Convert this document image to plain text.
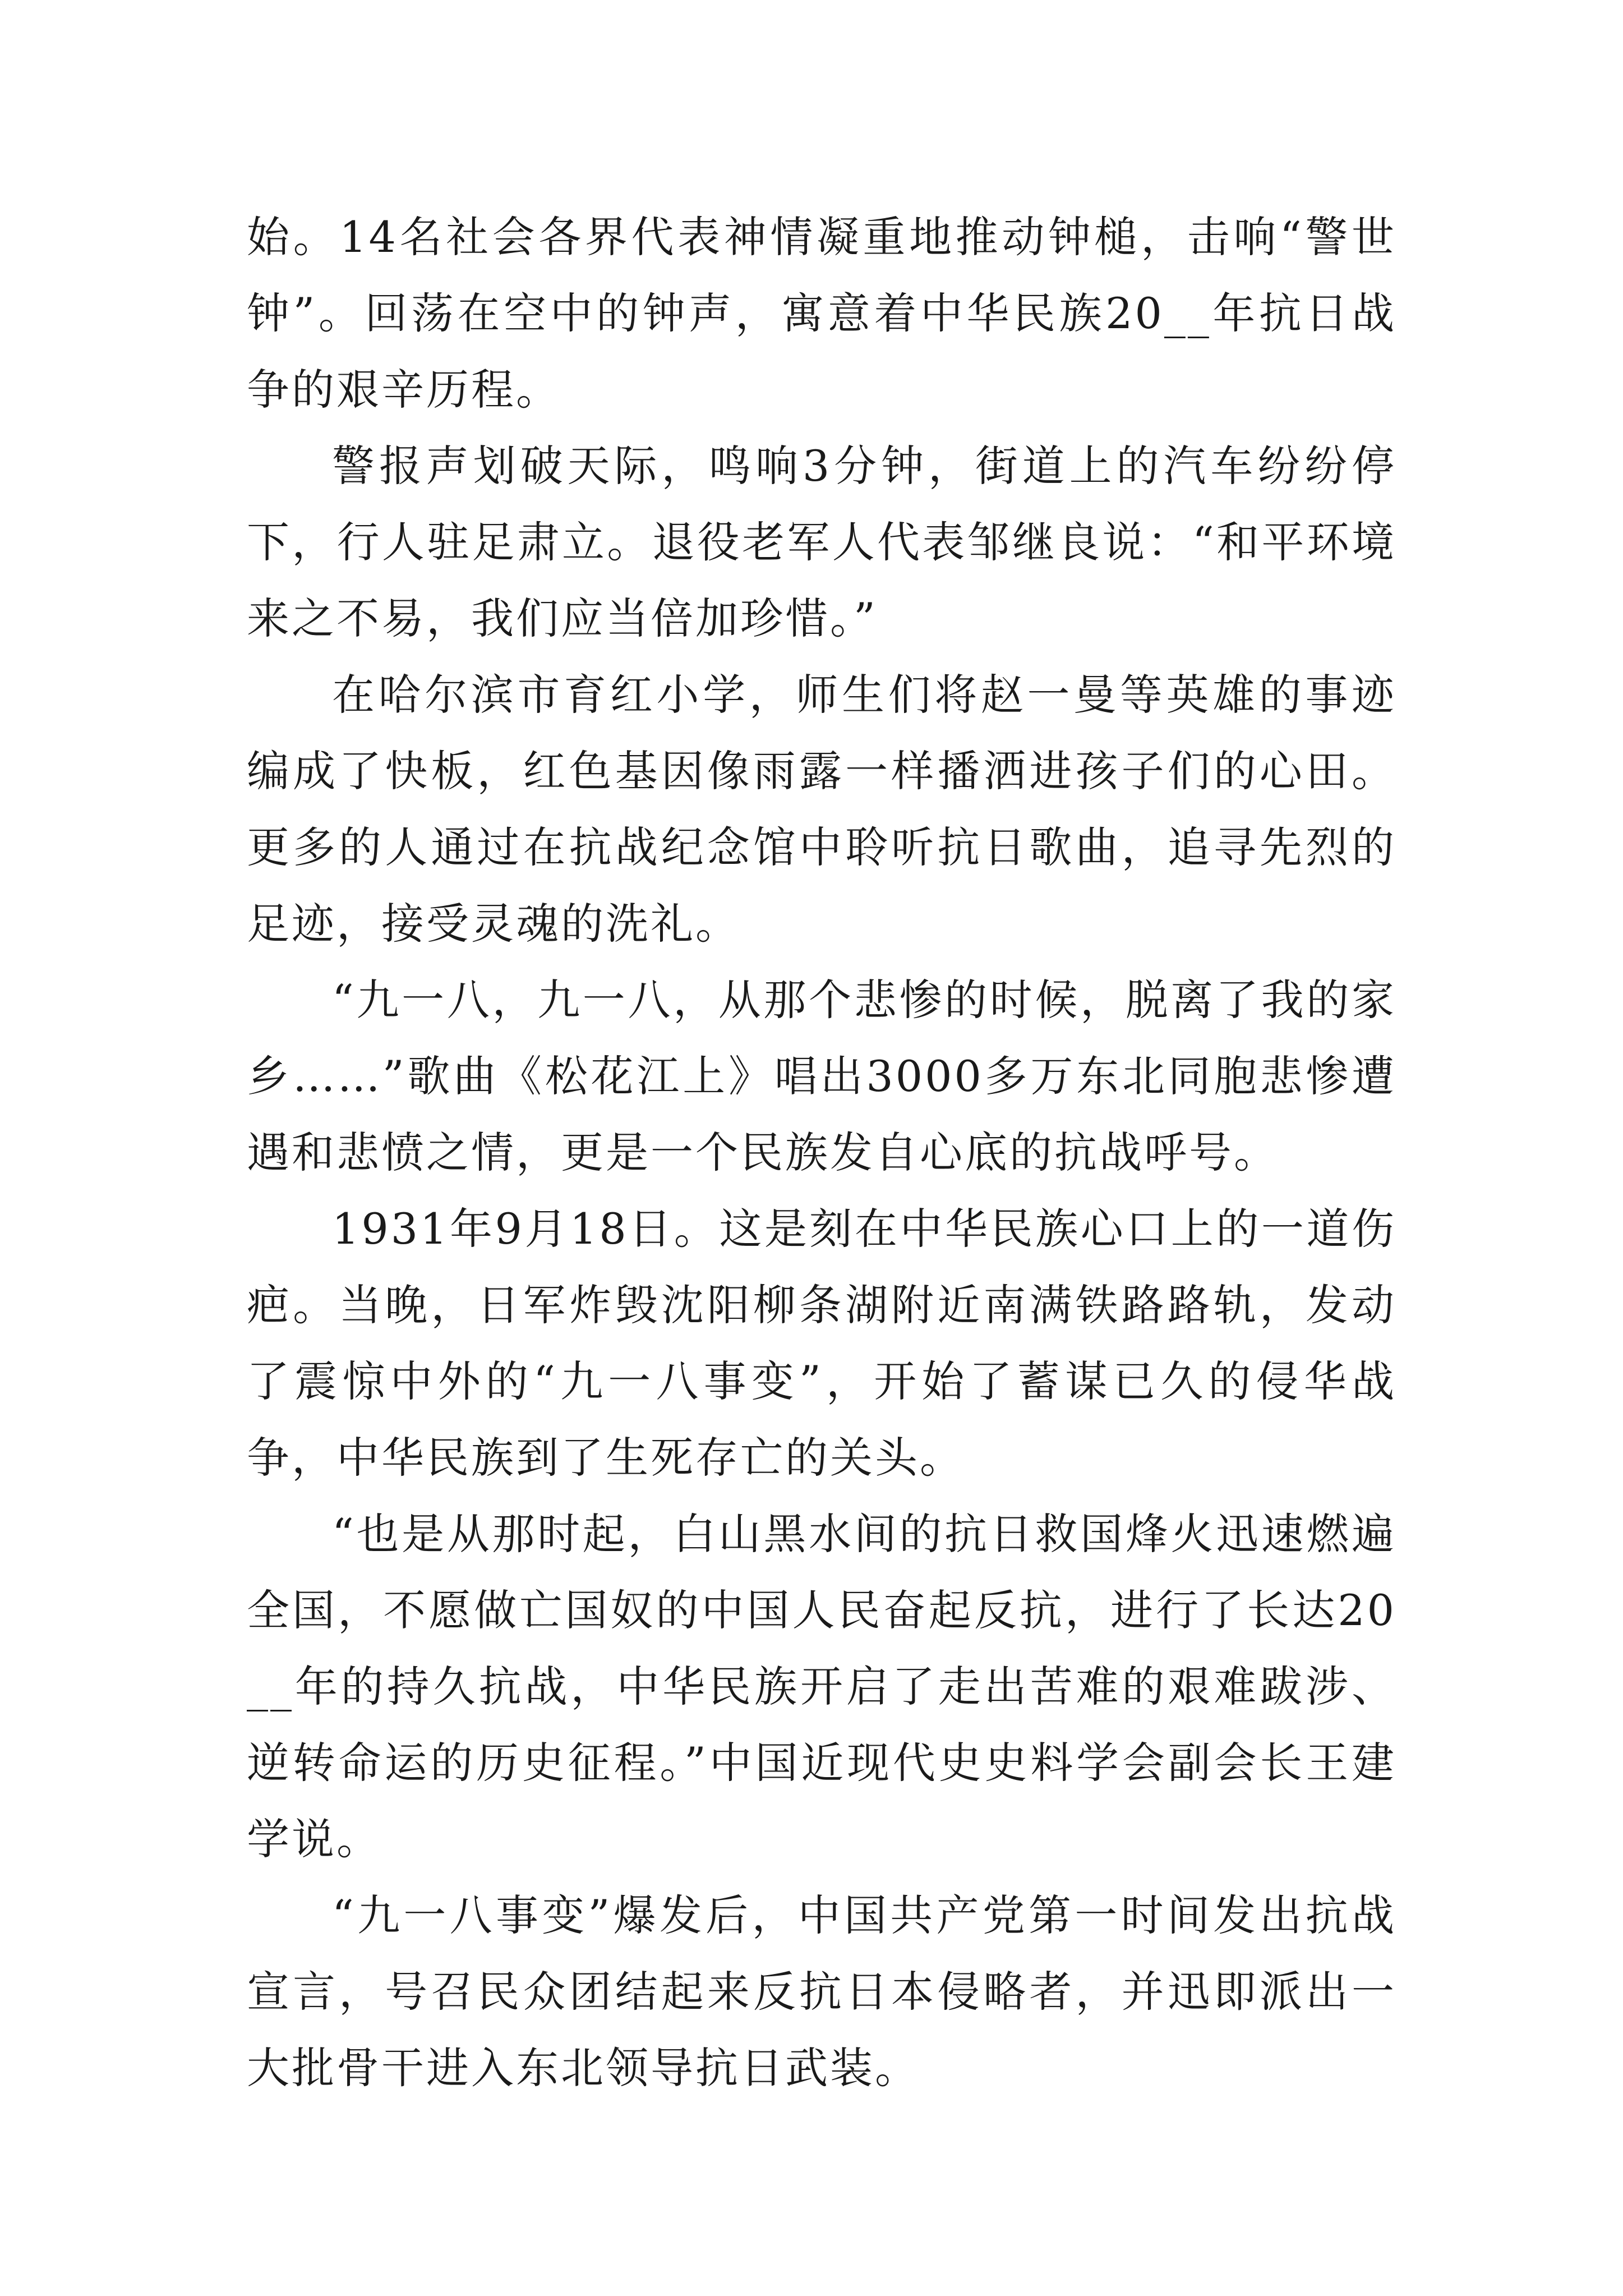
始。14名社会各界代表神情凝重地推动钟槌，击响“警世钟”。回荡在空中的钟声，寓意着中华民族20__年抗日战争的艰辛历程。

警报声划破天际，鸣响3分钟，街道上的汽车纷纷停下，行人驻足肃立。退役老军人代表邹继良说：“和平环境来之不易，我们应当倍加珍惜。”

在哈尔滨市育红小学，师生们将赵一曼等英雄的事迹编成了快板，红色基因像雨露一样播洒进孩子们的心田。更多的人通过在抗战纪念馆中聆听抗日歌曲，追寻先烈的足迹，接受灵魂的洗礼。

“九一八，九一八，从那个悲惨的时候，脱离了我的家乡……”歌曲《松花江上》唱出3000多万东北同胞悲惨遭遇和悲愤之情，更是一个民族发自心底的抗战呼号。

1931年9月18日。这是刻在中华民族心口上的一道伤疤。当晚，日军炸毁沈阳柳条湖附近南满铁路路轨，发动了震惊中外的“九一八事变”，开始了蓄谋已久的侵华战争，中华民族到了生死存亡的关头。

“也是从那时起，白山黑水间的抗日救国烽火迅速燃遍全国，不愿做亡国奴的中国人民奋起反抗，进行了长达20__年的持久抗战，中华民族开启了走出苦难的艰难跋涉、逆转命运的历史征程。”中国近现代史史料学会副会长王建学说。

“九一八事变”爆发后，中国共产党第一时间发出抗战宣言，号召民众团结起来反抗日本侵略者，并迅即派出一大批骨干进入东北领导抗日武装。
